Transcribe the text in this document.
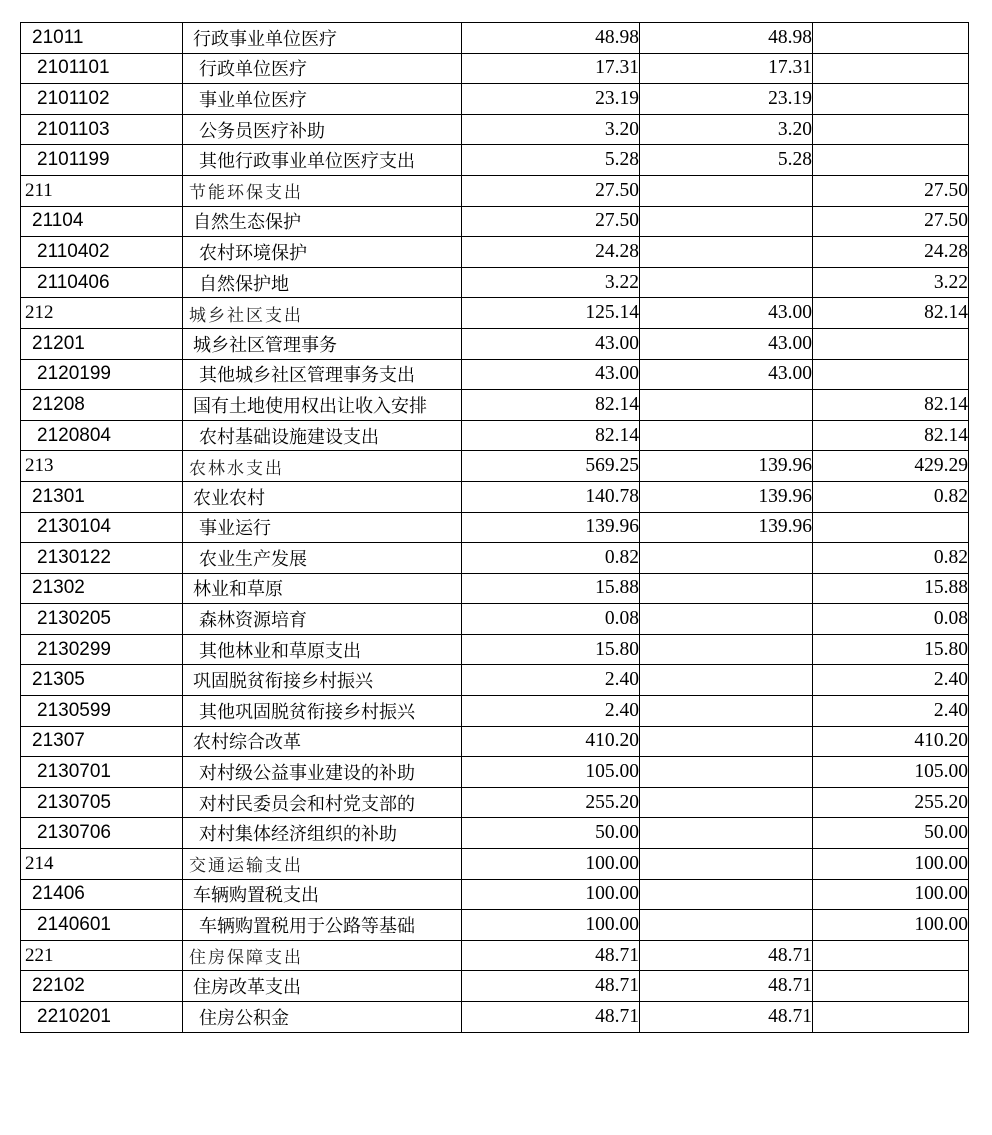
21011	行政事业单位医疗	48.98	48.98	
2101101	行政单位医疗	17.31	17.31	
2101102	事业单位医疗	23.19	23.19	
2101103	公务员医疗补助	3.20	3.20	
2101199	其他行政事业单位医疗支出	5.28	5.28	
211	节能环保支出	27.50		27.50
21104	自然生态保护	27.50		27.50
2110402	农村环境保护	24.28		24.28
2110406	自然保护地	3.22		3.22
212	城乡社区支出	125.14	43.00	82.14
21201	城乡社区管理事务	43.00	43.00	
2120199	其他城乡社区管理事务支出	43.00	43.00	
21208	国有土地使用权出让收入安排	82.14		82.14
2120804	农村基础设施建设支出	82.14		82.14
213	农林水支出	569.25	139.96	429.29
21301	农业农村	140.78	139.96	0.82
2130104	事业运行	139.96	139.96	
2130122	农业生产发展	0.82		0.82
21302	林业和草原	15.88		15.88
2130205	森林资源培育	0.08		0.08
2130299	其他林业和草原支出	15.80		15.80
21305	巩固脱贫衔接乡村振兴	2.40		2.40
2130599	其他巩固脱贫衔接乡村振兴	2.40		2.40
21307	农村综合改革	410.20		410.20
2130701	对村级公益事业建设的补助	105.00		105.00
2130705	对村民委员会和村党支部的	255.20		255.20
2130706	对村集体经济组织的补助	50.00		50.00
214	交通运输支出	100.00		100.00
21406	车辆购置税支出	100.00		100.00
2140601	车辆购置税用于公路等基础	100.00		100.00
221	住房保障支出	48.71	48.71	
22102	住房改革支出	48.71	48.71	
2210201	住房公积金	48.71	48.71	
